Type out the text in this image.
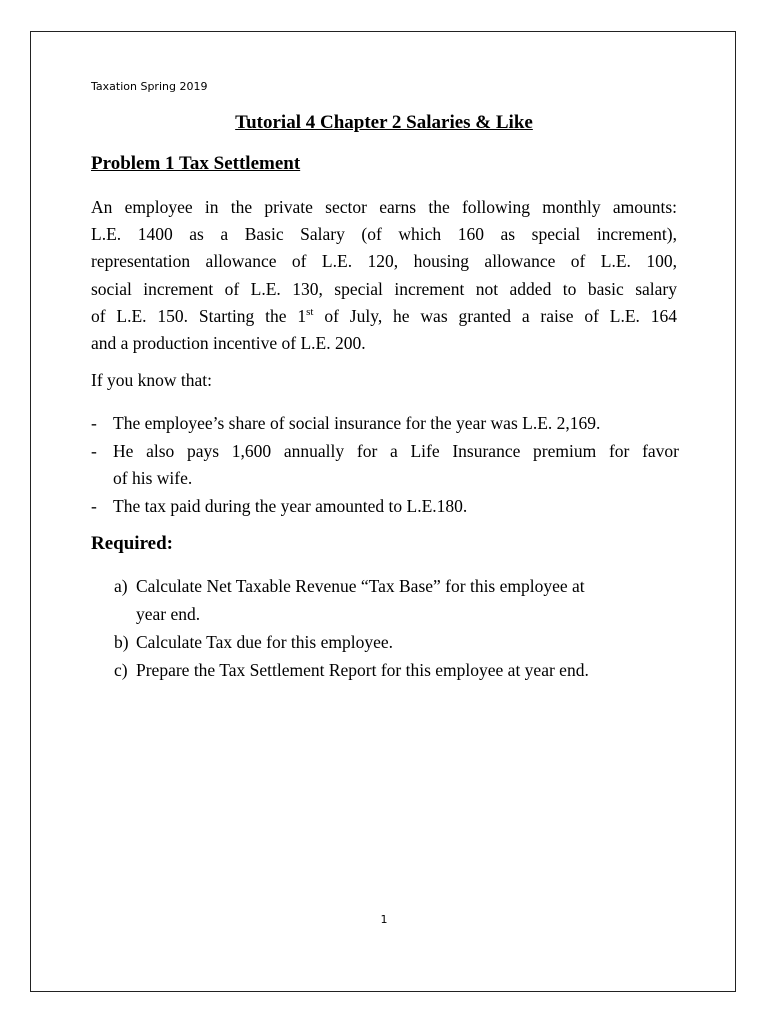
Taxation Spring 2019
Tutorial 4 Chapter 2 Salaries & Like
Problem 1 Tax Settlement

An employee in the private sector earns the following monthly amounts:
L.E. 1400 as a Basic Salary (of which 160 as special increment),
representation allowance of L.E. 120, housing allowance of L.E. 100,
social increment of L.E. 130, special increment not added to basic salary
of L.E. 150. Starting the 1st of July, he was granted a raise of L.E. 164
and a production incentive of L.E. 200.

If you know that:

- The employee’s share of social insurance for the year was L.E. 2,169.
- He also pays 1,600 annually for a Life Insurance premium for favor
of his wife.
- The tax paid during the year amounted to L.E.180.
Required:
a) Calculate Net Taxable Revenue “Tax Base” for this employee at
year end.
b) Calculate Tax due for this employee.
c) Prepare the Tax Settlement Report for this employee at year end.
1
